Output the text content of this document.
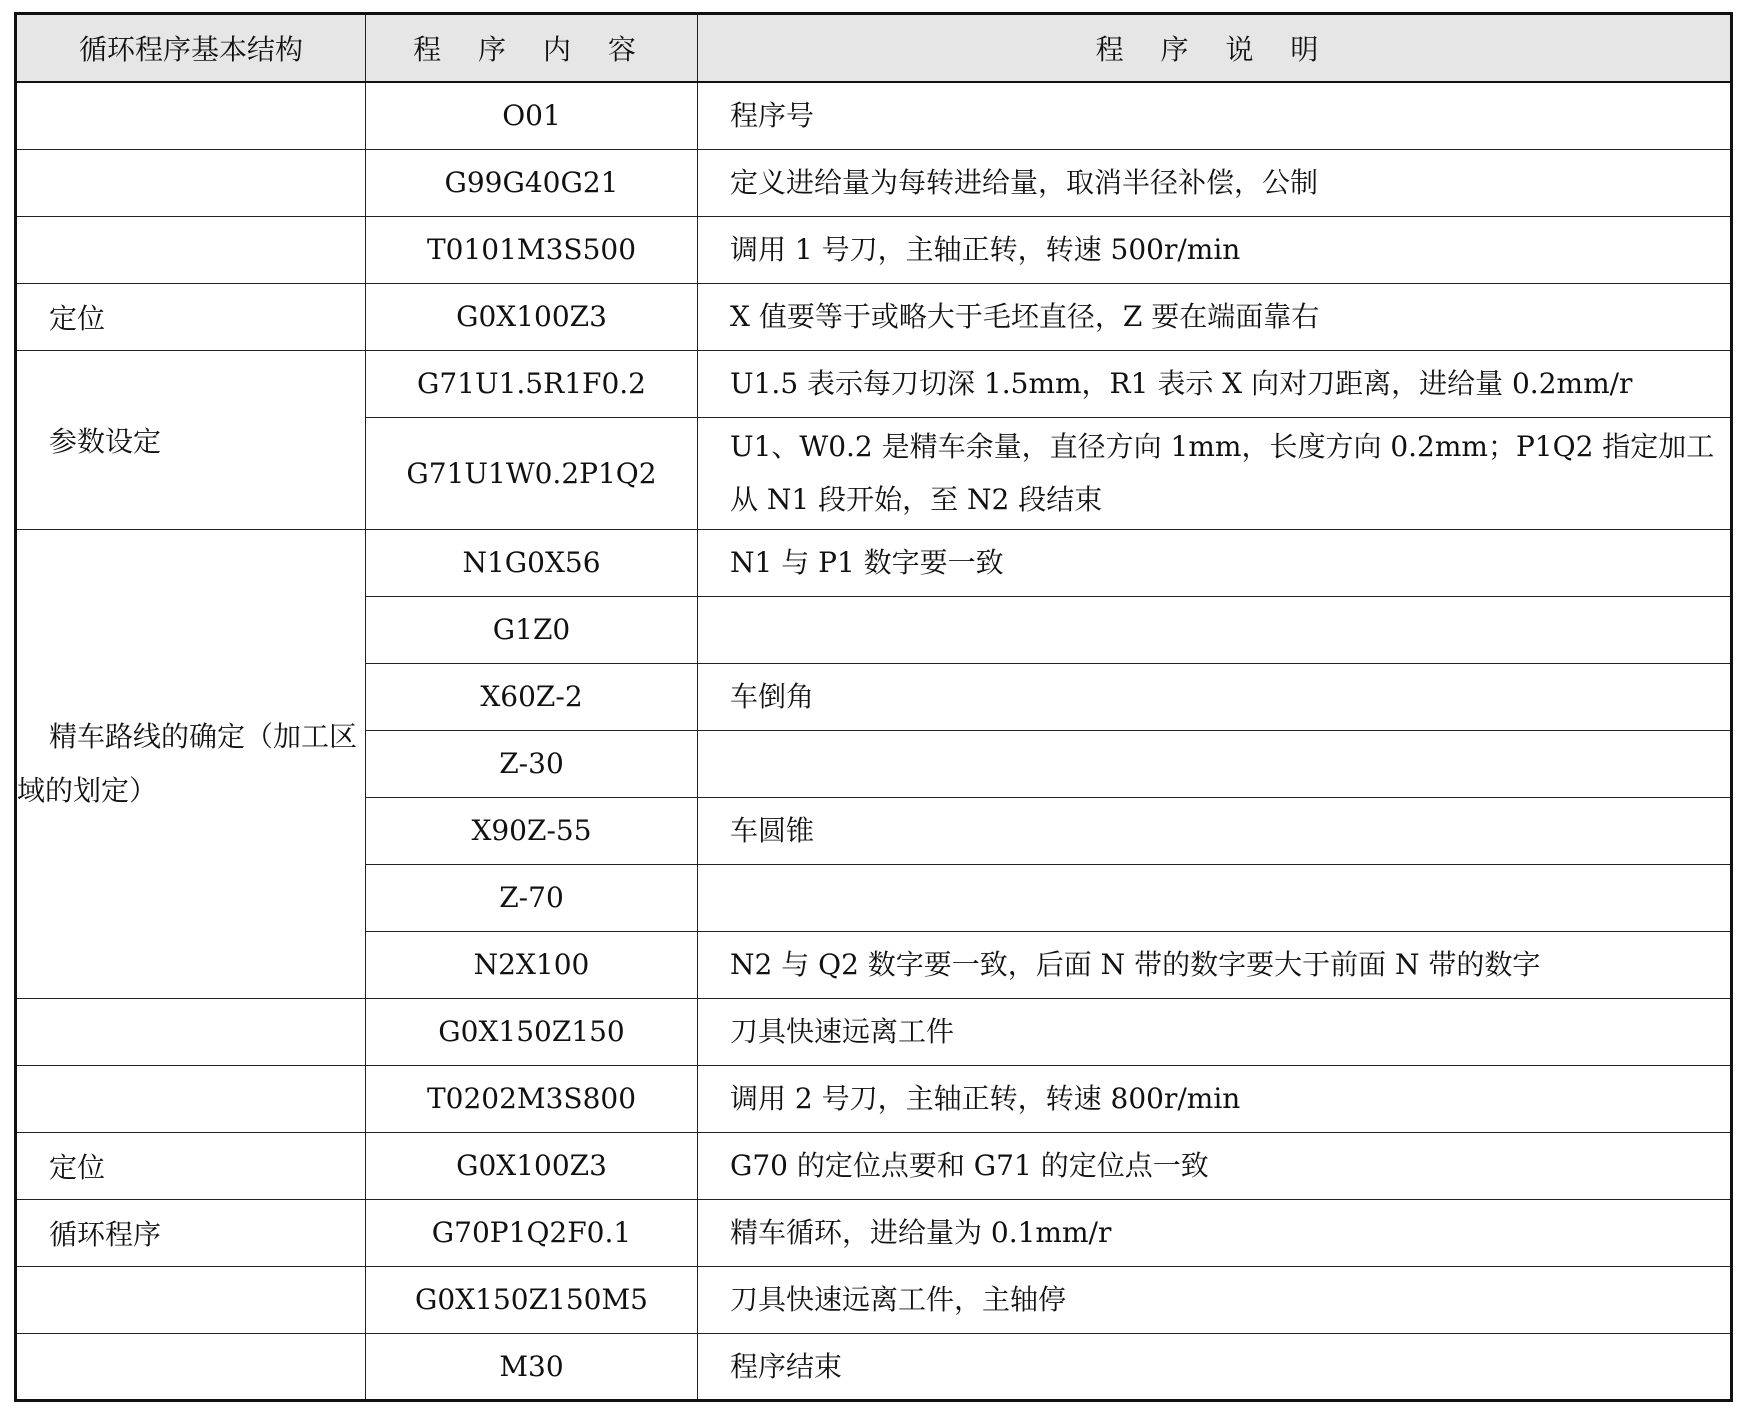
循环程序基本结构	程 序 内 容	程 序 说 明
	O01	程序号
	G99G40G21	定义进给量为每转进给量，取消半径补偿，公制
	T0101M3S500	调用 1 号刀，主轴正转，转速 500r/min
定位	G0X100Z3	X 值要等于或略大于毛坯直径，Z 要在端面靠右
参数设定	G71U1.5R1F0.2	U1.5 表示每刀切深 1.5mm，R1 表示 X 向对刀距离，进给量 0.2mm/r
	G71U1W0.2P1Q2	U1、W0.2 是精车余量，直径方向 1mm，长度方向 0.2mm；P1Q2 指定加工从 N1 段开始，至 N2 段结束
精车路线的确定（加工区域的划定）	N1G0X56	N1 与 P1 数字要一致
	G1Z0	
	X60Z-2	车倒角
	Z-30	
	X90Z-55	车圆锥
	Z-70	
	N2X100	N2 与 Q2 数字要一致，后面 N 带的数字要大于前面 N 带的数字
	G0X150Z150	刀具快速远离工件
	T0202M3S800	调用 2 号刀，主轴正转，转速 800r/min
定位	G0X100Z3	G70 的定位点要和 G71 的定位点一致
循环程序	G70P1Q2F0.1	精车循环，进给量为 0.1mm/r
	G0X150Z150M5	刀具快速远离工件，主轴停
	M30	程序结束
